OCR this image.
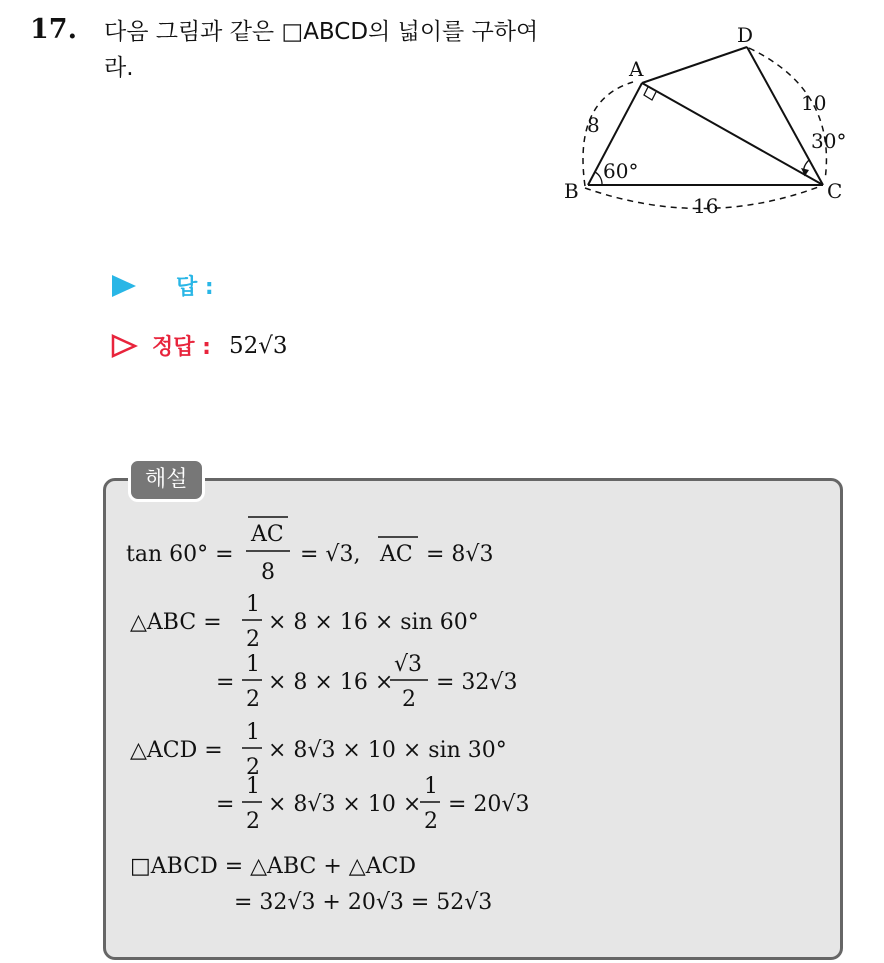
17. 다음 그림과 같은 □ABCD의 넓이를 구하여라.	A
B	C
D
8
16
10
60°
30°
답 :
정답 : 52√3
tan 60° =
AC
8
= √3, AC = 8√3
△ABC =
1
2
× 8 × 16 × sin 60°
=
1
2
× 8 × 16 ×
√3
2
= 32√3
△ACD =
1
2
× 8√3 × 10 × sin 30°
=
1
2
× 8√3 × 10 ×
1
2
= 20√3
□ABCD = △ABC + △ACD
= 32√3 + 20√3 = 52√3
해설
